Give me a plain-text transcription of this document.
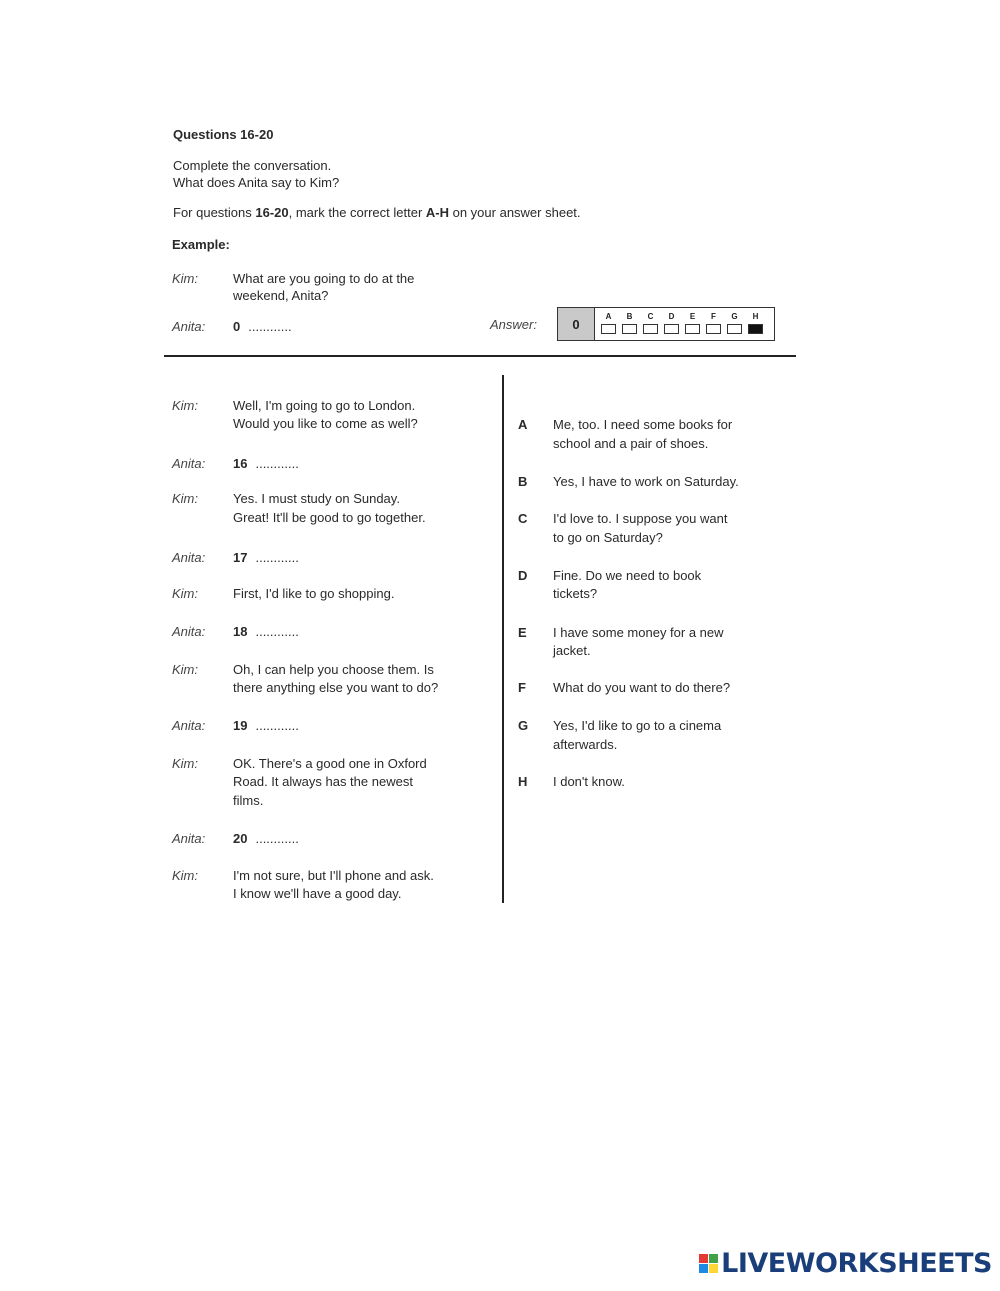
Questions 16-20
Complete the conversation.
What does Anita say to Kim?
For questions 16-20, mark the correct letter A-H on your answer sheet.
Example:
Kim:	What are you going to do at the
weekend, Anita?
Anita: 0 ............	Answer:	0	A	B	C	D	E	F	G	H
Kim:	Well, I'm going to go to London.
Would you like to come as well?
Anita: 16 ............
Kim:	Yes. I must study on Sunday.
Great! It'll be good to go together.
Anita: 17 ............
Kim:	First, I'd like to go shopping.
Anita: 18 ............
Kim:	Oh, I can help you choose them. Is
there anything else you want to do?
Anita: 19 ............
Kim:	OK. There's a good one in Oxford
Road. It always has the newest
films.
Anita: 20 ............
Kim:	I'm not sure, but I'll phone and ask.
I know we'll have a good day.
A Me, too. I need some books for
school and a pair of shoes.
B Yes, I have to work on Saturday.
C I'd love to. I suppose you want
to go on Saturday?
D Fine. Do we need to book
tickets?
E I have some money for a new
jacket.
F What do you want to do there?
G Yes, I'd like to go to a cinema
afterwards.
H I don't know.
LIVEWORKSHEETS
